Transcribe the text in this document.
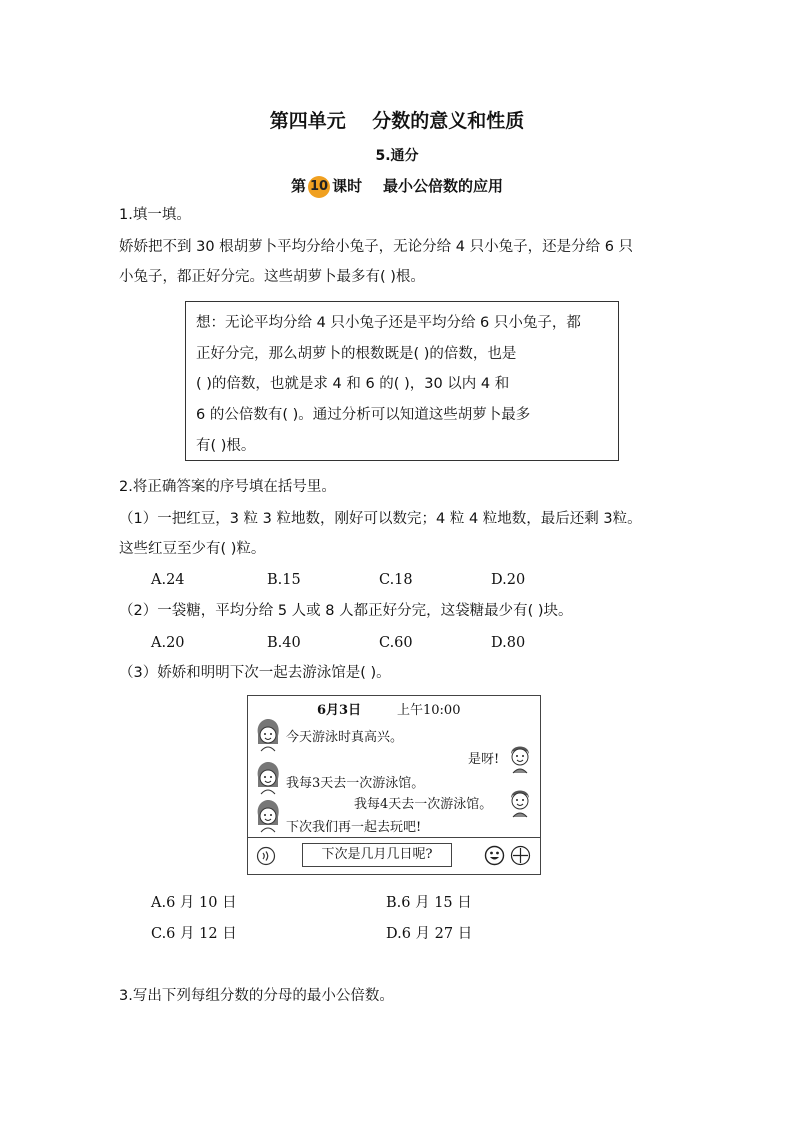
第四单元    分数的意义和性质
5.通分
第 10 课时    最小公倍数的应用
1.填一填。
娇娇把不到 30 根胡萝卜平均分给小兔子，无论分给 4 只小兔子，还是分给 6 只
小兔子，都正好分完。这些胡萝卜最多有( )根。
想：无论平均分给 4 只小兔子还是平均分给 6 只小兔子，都
正好分完，那么胡萝卜的根数既是( )的倍数，也是
( )的倍数，也就是求 4 和 6 的( )，30 以内 4 和
6 的公倍数有( )。通过分析可以知道这些胡萝卜最多
有( )根。
2.将正确答案的序号填在括号里。
（1）一把红豆，3 粒 3 粒地数，刚好可以数完；4 粒 4 粒地数，最后还剩 3粒。
这些红豆至少有( )粒。
A.24	B.15	C.18	D.20
（2）一袋糖，平均分给 5 人或 8 人都正好分完，这袋糖最少有( )块。
A.20	B.40	C.60	D.80
（3）娇娇和明明下次一起去游泳馆是( )。
6月3日	上午10:00
今天游泳时真高兴。
是呀!
我每3天去一次游泳馆。
我每4天去一次游泳馆。
下次我们再一起去玩吧!
下次是几月几日呢?
A.6 月 10 日	B.6 月 15 日
C.6 月 12 日	D.6 月 27 日
3.写出下列每组分数的分母的最小公倍数。
